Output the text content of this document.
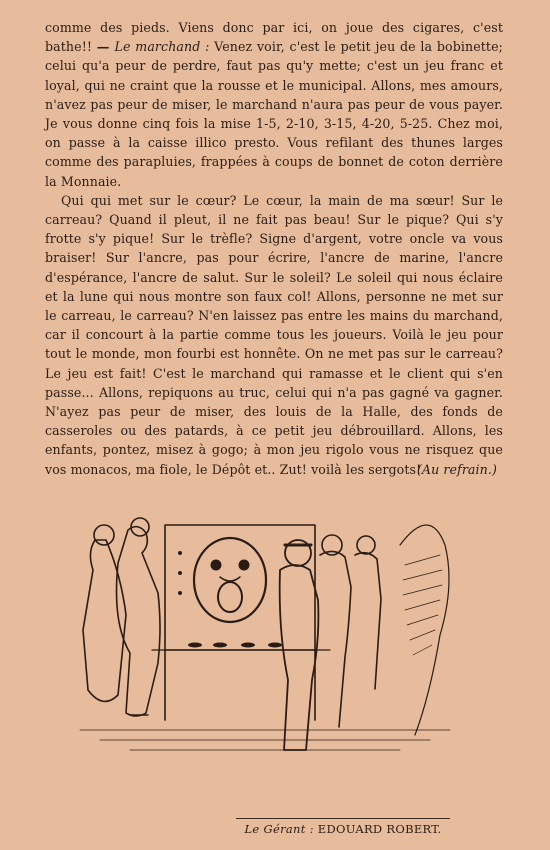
comme des pieds. Viens donc par ici, on joue des cigares, c'est bathe!! — Le marchand : Venez voir, c'est le petit jeu de la bobinette; celui qu'a peur de perdre, faut pas qu'y mette; c'est un jeu franc et loyal, qui ne craint que la rousse et le municipal. Allons, mes amours, n'avez pas peur de miser, le marchand n'aura pas peur de vous payer. Je vous donne cinq fois la mise 1-5, 2-10, 3-15, 4-20, 5-25. Chez moi, on passe à la caisse illico presto. Vous refilant des thunes larges comme des parapluies, frappées à coups de bonnet de coton derrière la Monnaie.

Qui qui met sur le cœur? Le cœur, la main de ma sœur! Sur le carreau? Quand il pleut, il ne fait pas beau! Sur le pique? Qui s'y frotte s'y pique! Sur le trèfle? Signe d'argent, votre oncle va vous braiser! Sur l'ancre, pas pour écrire, l'ancre de marine, l'ancre d'espérance, l'ancre de salut. Sur le soleil? Le soleil qui nous éclaire et la lune qui nous montre son faux col! Allons, personne ne met sur le carreau, le carreau? N'en laissez pas entre les mains du marchand, car il concourt à la partie comme tous les joueurs. Voilà le jeu pour tout le monde, mon fourbi est honnête. On ne met pas sur le carreau? Le jeu est fait! C'est le marchand qui ramasse et le client qui s'en passe... Allons, repiquons au truc, celui qui n'a pas gagné va gagner. N'ayez pas peur de miser, des louis de la Halle, des fonds de casseroles ou des patards, à ce petit jeu débrouillard. Allons, les enfants, pontez, misez à gogo; à mon jeu rigolo vous ne risquez que vos monacos, ma fiole, le Dépôt et.. Zut! voilà les sergots!

(Au refrain.)
Le Gérant : EDOUARD ROBERT.
